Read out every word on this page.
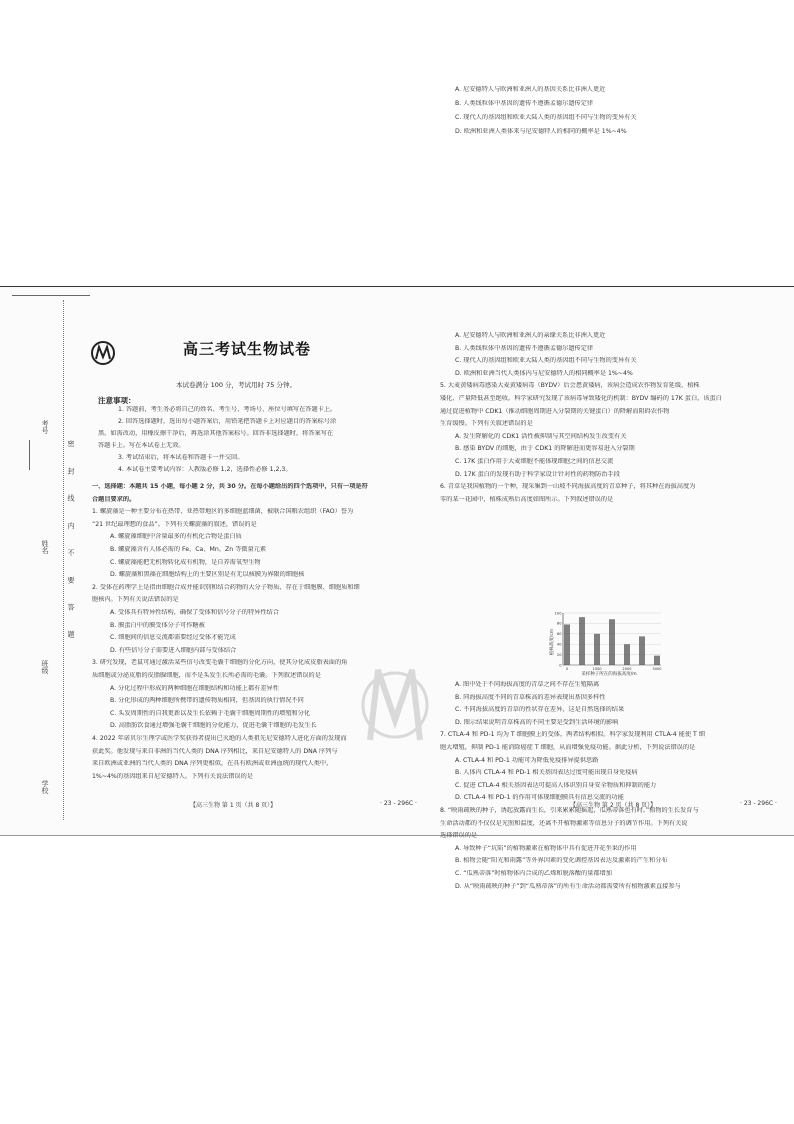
A. 尼安德特人与欧洲和亚洲人的基因关系比非洲人更近
B. 人类线粒体中基因的遗传不遵循孟德尔遗传定律
C. 现代人的基因组和欧亚大陆人类的基因组不同与生物的变异有关
D. 欧洲和亚洲人类体来与尼安德特人的相同的概率是 1%~4%
考号
姓名
班级
学校
密 封 线 内 不 要 答 题
高三考试生物试卷
本试卷满分 100 分，考试用时 75 分钟。
注意事项：
1. 答题前，考生务必将自己的姓名、考生号、考场号、座位号填写在答题卡上。
2. 回答选择题时，选出每小题答案后，用铅笔把答题卡上对应题目的答案标号涂
黑。如需改动，用橡皮擦干净后，再选涂其他答案标号。回答非选择题时，将答案写在
答题卡上。写在本试卷上无效。
3. 考试结束后，将本试卷和答题卡一并交回。
4. 本试卷主要考试内容：人教版必修 1,2，选择性必修 1,2,3。
0
20
40
60
80
100
0	1000	2000	3000
采样种子所在的海拔高度/m
植株高度/cm
【高三生物 第 1 页（共 8 页）】	· 23 - 296C ·	【高三生物 第 2 页（共 8 页）】	· 23 - 296C ·
一、选择题：本题共 15 小题，每小题 2 分，共 30 分。在每小题给出的四个选项中，只有一项是符
合题目要求的。
1. 螺旋藻是一种主要分布在热带、亚热带地区的多细胞蓝细菌，被联合国粮农组织（FAO）誉为
“21 世纪最理想的食品”。下列有关螺旋藻的叙述，错误的是
A. 螺旋藻细胞中含量最多的有机化合物是蛋白质
B. 螺旋藻含有人体必需的 Fe、Ca、Mn、Zn 等微量元素
C. 螺旋藻能把无机物转化成有机物，是自养需氧型生物
D. 螺旋藻和黑藻在细胞结构上的主要区别是有无以核膜为界限的细胞核
2. 受体在药理学上是指由细胞合成并能识别和结合药物的大分子物质，存在于细胞膜、细胞质和细
胞核内。下列有关说法错误的是
A. 受体具有特异性结构，确保了受体和信号分子的特异性结合
B. 膜蛋白中的膜受体分子可作糖被
C. 细胞间的信息交流都需要经过受体才能完成
D. 有些信号分子需要进入细胞内部与受体结合
3. 研究发现，老鼠可通过激活某些信号改变毛囊干细胞的分化方向，使其分化成皮脂表面的角
质细胞或分泌皮脂的皮脂腺细胞，而不是头发生长所必需的毛囊。下列叙述错误的是
A. 分化过程中形成的两种细胞在细胞结构和功能上都有差异性
B. 分化形成的两种细胞所携带的遗传物质相同，但基因的执行情况不同
C. 头发周期性的自我更新以及生长依赖于毛囊干细胞周期性的增殖和分化
D. 高脂肪饮食通过增强毛囊干细胞的分化能力，促进毛囊干细胞的毛发生长
4. 2022 年诺贝尔生理学或医学奖获得者提出已灭绝的人类祖先尼安德特人进化方面的发现而
获此奖。他发现与来自非洲的当代人类的 DNA 序列相比，来自尼安德特人的 DNA 序列与
来自欧洲或亚洲的当代人类的 DNA 序列更相似，在具有欧洲或亚洲血统的现代人类中，
1%~4%的基因组来自尼安德特人。下列有关说法错误的是
A. 尼安德特人与欧洲和亚洲人的亲缘关系比非洲人更近
B. 人类线粒体中基因的遗传不遵循孟德尔遗传定律
C. 现代人的基因组和欧亚大陆人类的基因组不同与生物的变异有关
D. 欧洲和亚洲当代人类体内与尼安德特人的相同概率是 1%~4%
5. 大麦黄矮病毒感染大麦黄矮病毒（BYDV）后会患黄矮病，该病会造成农作物发育延缓、植株
矮化、产量降低甚至绝收。科学家研究发现了该病毒导致矮化的机制：BYDV 编码的 17K 蛋白，该蛋白
通过促进植物中 CDK1（推动细胞周期进入分裂期的关键蛋白）的降解而阻碍农作物
生育缓慢。下列有关叙述错误的是
A. 发生降解化的 CDK1 活性被抑制与其空间结构发生改变有关
B. 感染 BYDV 的细胞，由于 CDK1 的降解进而更容易进入分裂期
C. 17K 蛋白作用于大麦细胞不能体现细胞之间的信息交流
D. 17K 蛋白的发现有助于科学家设计针对性的药物防治手段
6. 青草是我国植物的一个种，现采集到一山坡不同海拔高度的青草种子，将其种在海拔高度为
零的某一花园中，植株成熟后高度如图所示。下列叙述错误的是
A. 图中处于不同海拔高度的青草之间不存在生殖隔离
B. 同海拔高度不同的青草株高的差异表现出基因多样性
C. 不同海拔高度的青草的性状存在差异，这是自然选择的结果
D. 图示结果说明青草株高的不同主要是受到生活环境的影响
7. CTLA-4 和 PD-1 均为 T 细胞膜上的受体，两者结构相似。科学家发现利用 CTLA-4 能使 T 细
胞大增殖，抑制 PD-1 能消除癌症 T 细胞，从而增强免疫功能。据此分析，下列说法错误的是
A. CTLA-4 和 PD-1 功能可为降低免疫排异提供思路
B. 人体内 CTLA-4 和 PD-1 相关基因表达过度可能出现自身免疫病
C. 促进 CTLA-4 相关基因表达可提高人体识别自身安全物质和抑制的能力
D. CTLA-4 和 PD-1 的作用可体现细胞膜具有信息交流的功能
8. “映雨疏映的种子，诱起放露而生长，引来累累随摇起，瓜熟蒂落也有时。”植物的生长发育与
生命活动都的不仅仅是光照和温度，还离不开植物激素等信息分子的调节作用。下列有关说
选择错误的是
A. 导致种子“坑陷”的植物激素在植物体中具有促进开花坐果的作用
B. 植物会随“阳光和雨露”等外界因素的变化调控基因表达及激素的产生和分布
C. “瓜熟蒂落”时植物体内合成的乙烯和脱落酸的量都增加
D. 从“映雨疏映的种子”到“瓜熟蒂落”的所有生命活动都需要所有植物激素直接参与
